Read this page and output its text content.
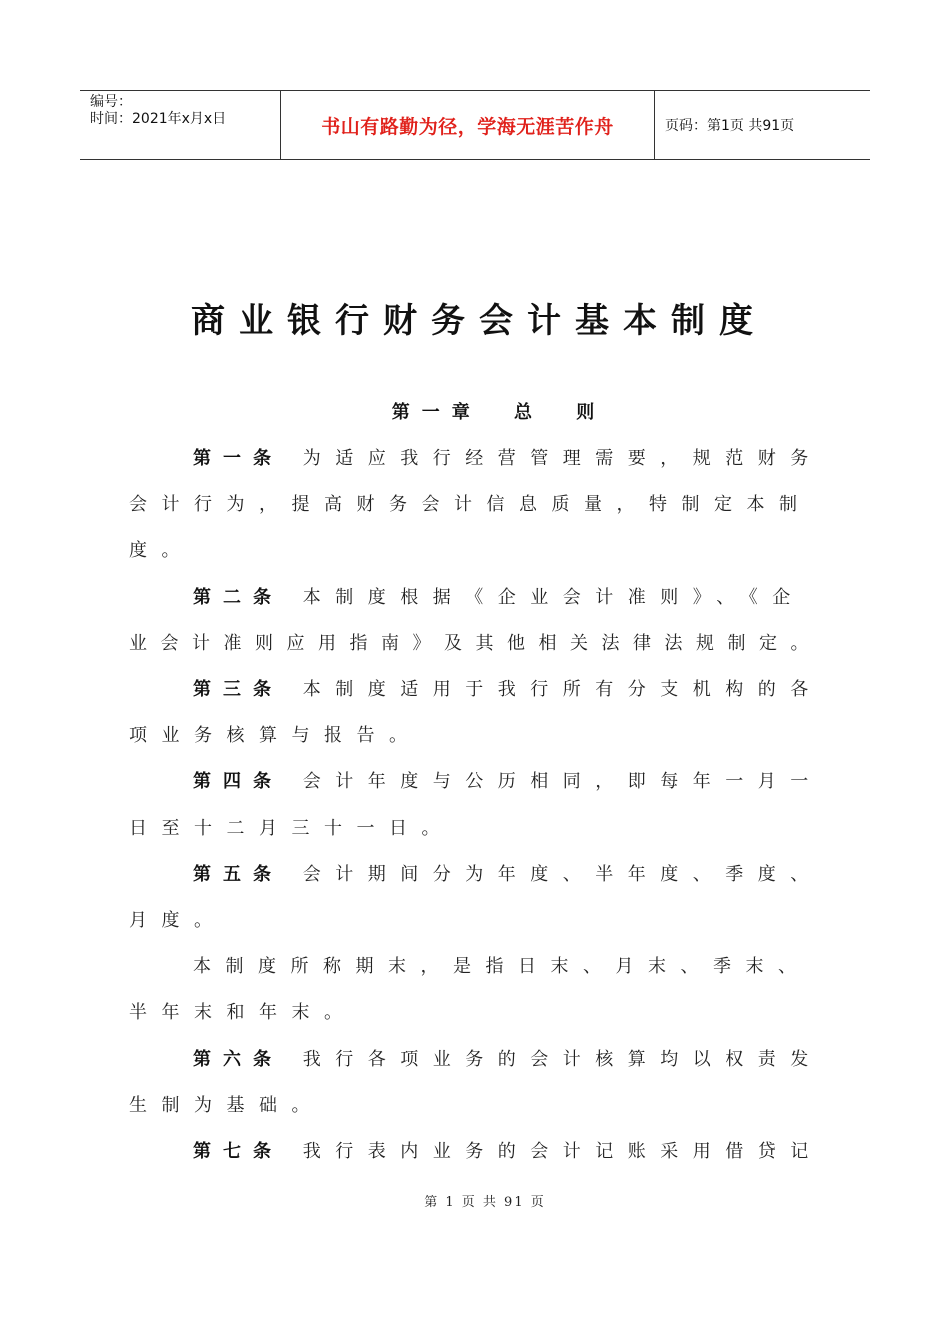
编号：
时间：2021年x月x日	书山有路勤为径，学海无涯苦作舟	页码：第1页 共91页
商业银行财务会计基本制度
第一章 总 则
第一条 为适应我行经营管理需要，规范财务
会计行为，提高财务会计信息质量，特制定本制
度。
第二条 本制度根据《企业会计准则》、《企
业会计准则应用指南》及其他相关法律法规制定。
第三条 本制度适用于我行所有分支机构的各
项业务核算与报告。
第四条 会计年度与公历相同，即每年一月一
日至十二月三十一日。
第五条 会计期间分为年度、半年度、季度、
月度。
本制度所称期末，是指日末、月末、季末、
半年末和年末。
第六条 我行各项业务的会计核算均以权责发
生制为基础。
第七条 我行表内业务的会计记账采用借贷记
第 1 页 共 91 页
